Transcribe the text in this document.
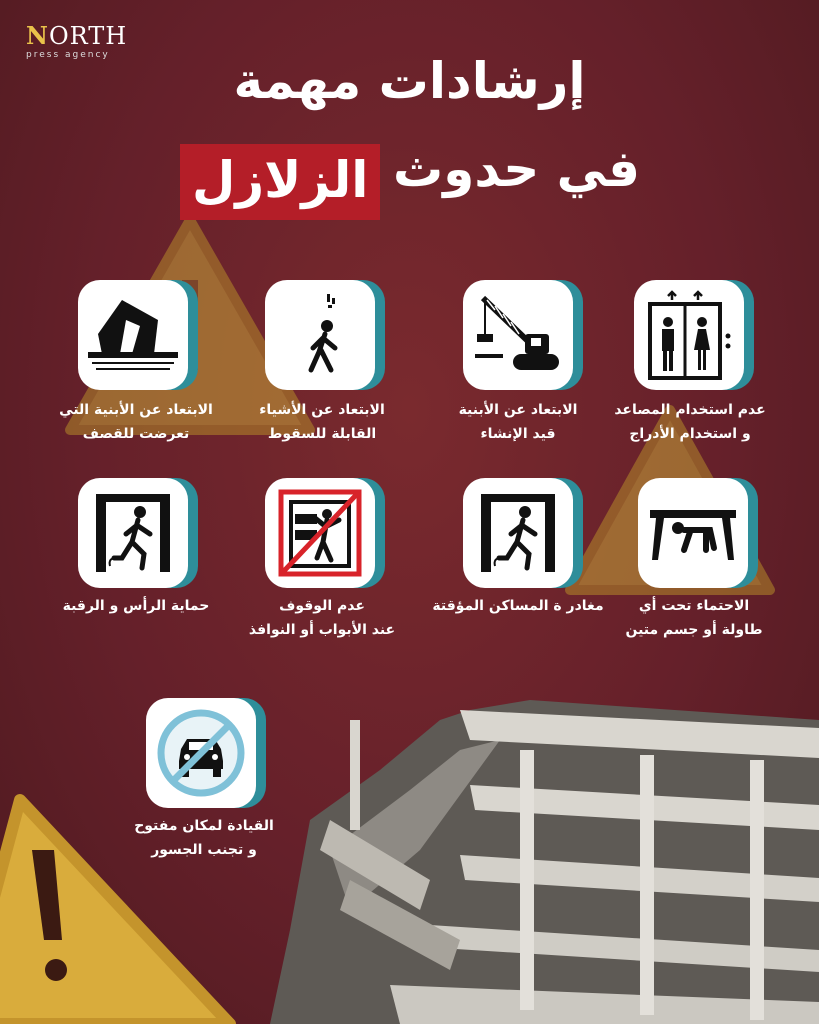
NORTH
press agency	إرشادات مهمة
في حدوث
الزلازل
عدم استخدام المصاعد
و استخدام الأدراج
الابتعاد عن الأبنية
قيد الإنشاء
الابتعاد عن الأشياء
القابلة للسقوط
الابتعاد عن الأبنية التي
تعرضت للقصف
الاحتماء تحت أي
طاولة أو جسم متين
مغادر ة المساكن المؤقتة
عدم الوقوف
عند الأبواب أو النوافذ
حماية الرأس و الرقبة
القيادة لمكان مفتوح
و تجنب الجسور
